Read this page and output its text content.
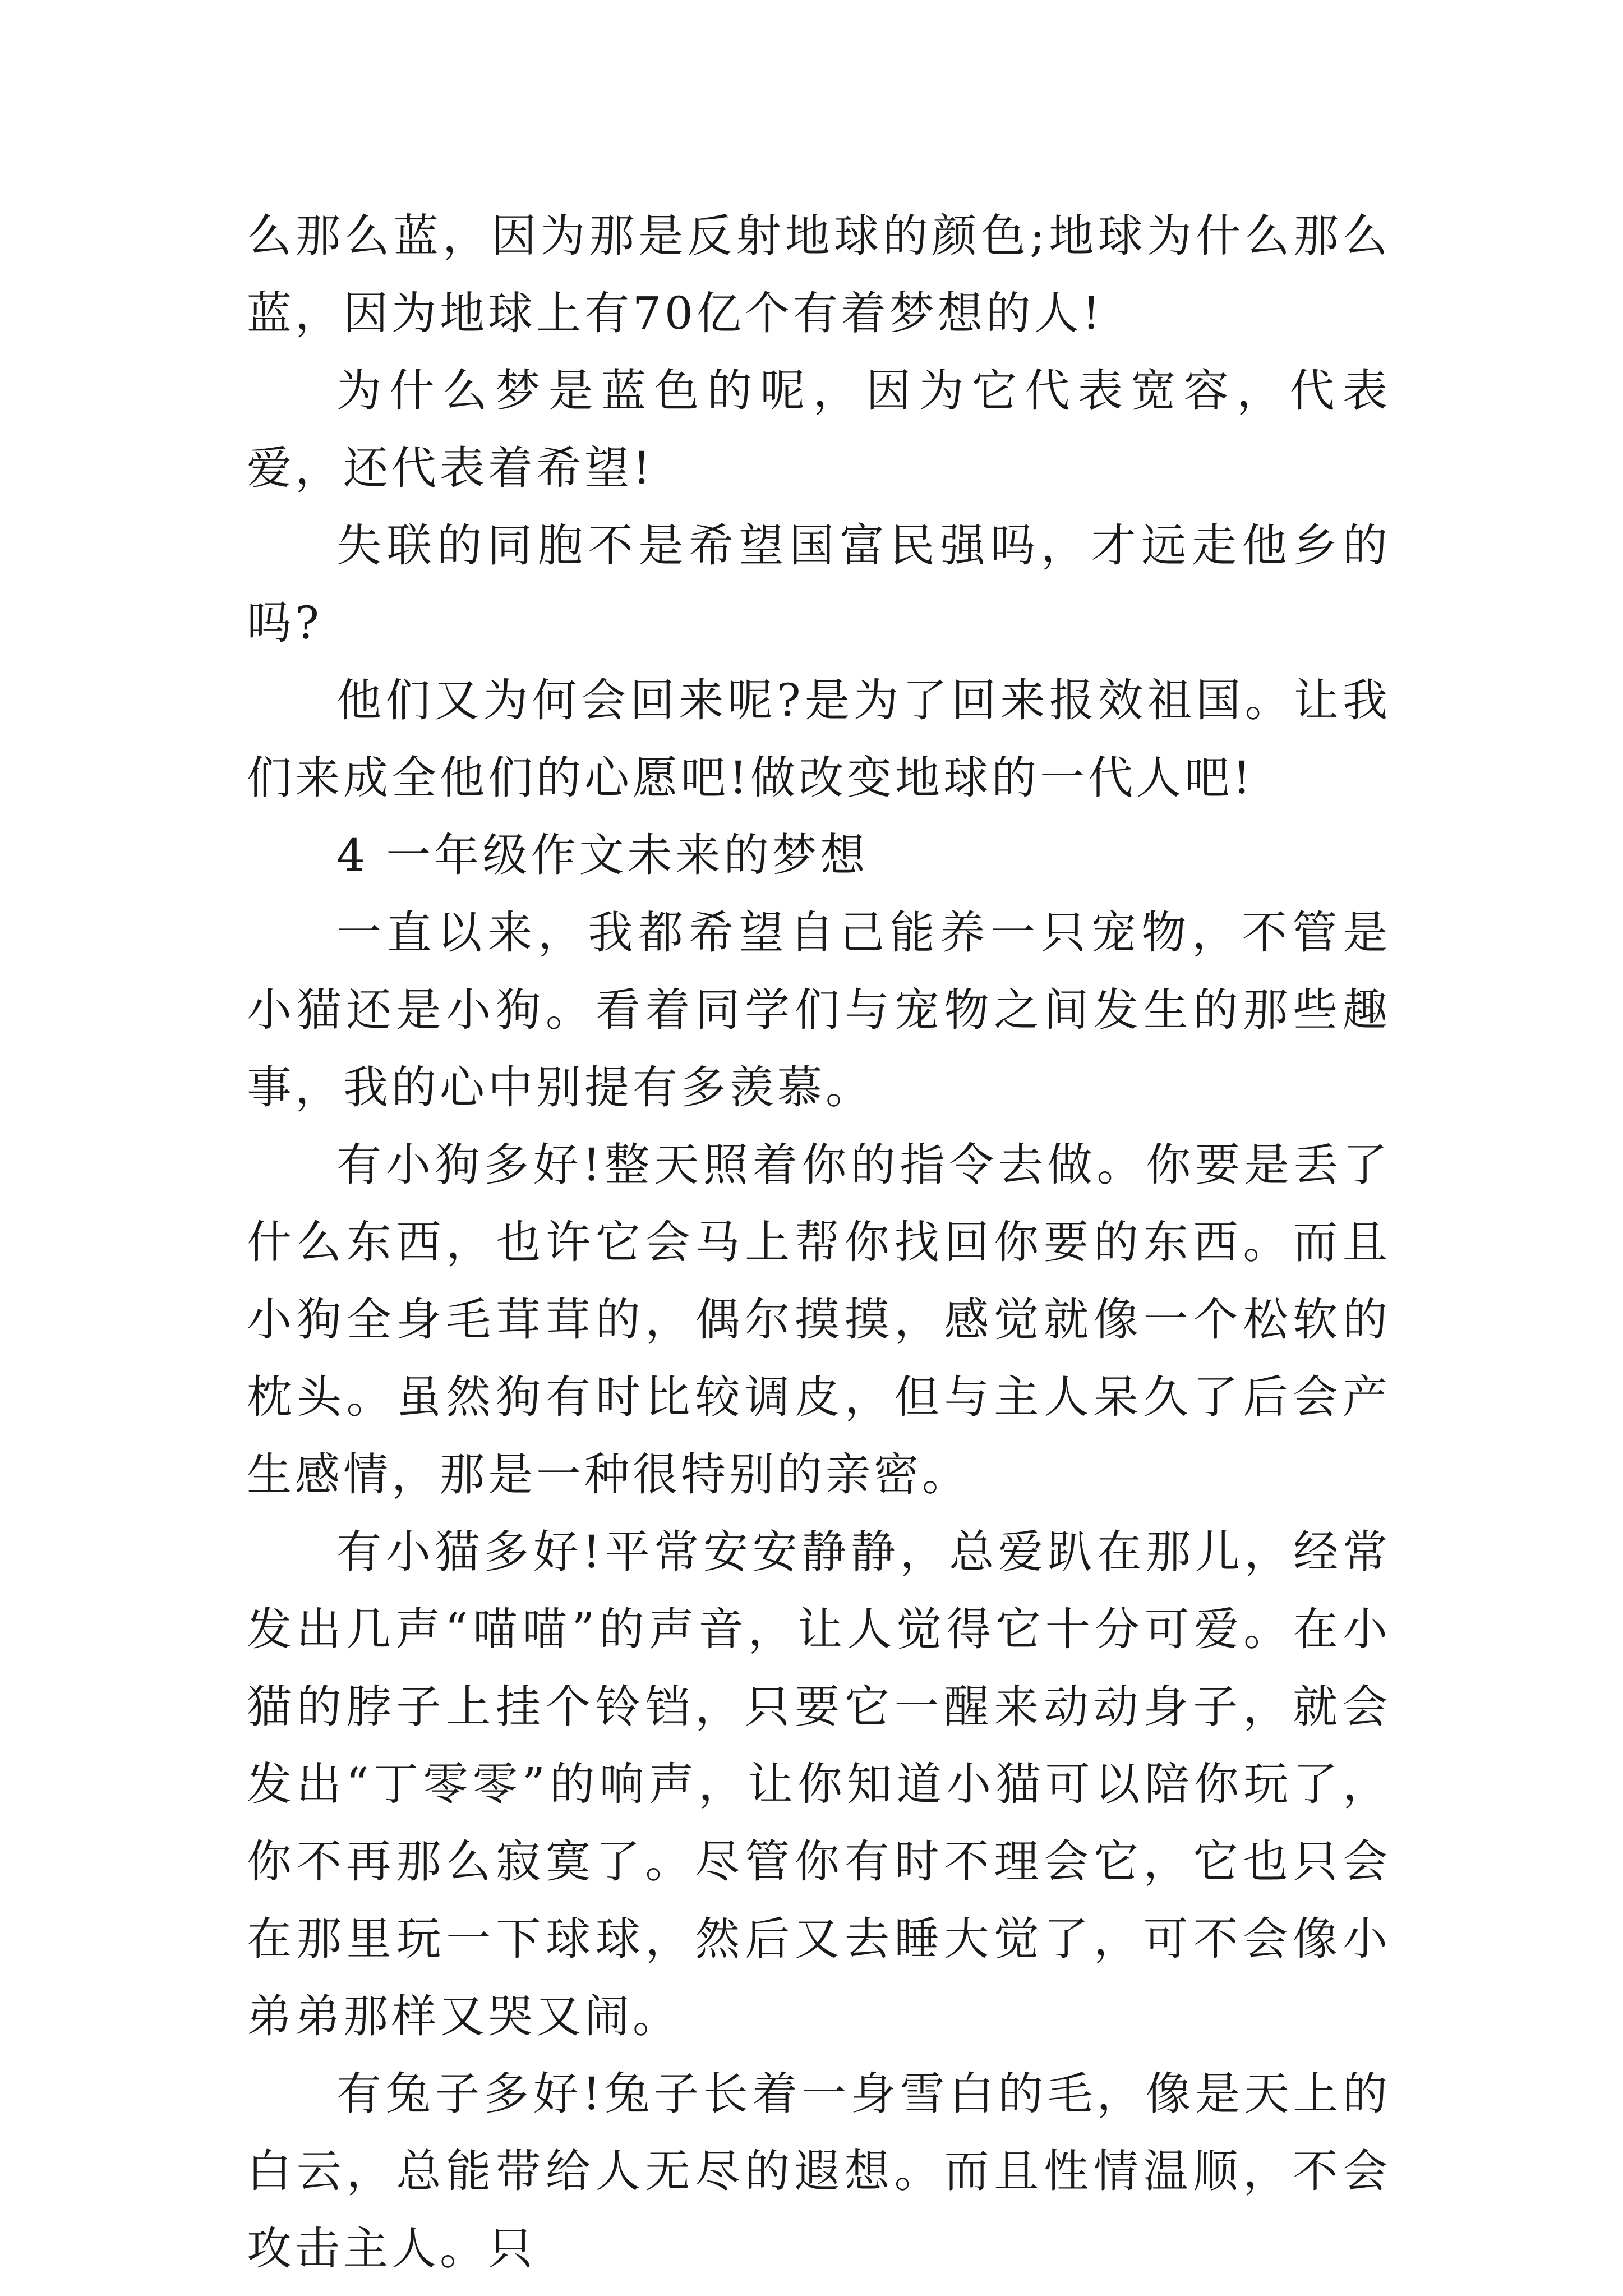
么那么蓝，因为那是反射地球的颜色;地球为什么那么蓝，因为地球上有70亿个有着梦想的人!

为什么梦是蓝色的呢，因为它代表宽容，代表爱，还代表着希望!

失联的同胞不是希望国富民强吗，才远走他乡的吗?

他们又为何会回来呢?是为了回来报效祖国。让我们来成全他们的心愿吧!做改变地球的一代人吧!

4 一年级作文未来的梦想

一直以来，我都希望自己能养一只宠物，不管是小猫还是小狗。看着同学们与宠物之间发生的那些趣事，我的心中别提有多羡慕。

有小狗多好!整天照着你的指令去做。你要是丢了什么东西，也许它会马上帮你找回你要的东西。而且小狗全身毛茸茸的，偶尔摸摸，感觉就像一个松软的枕头。虽然狗有时比较调皮，但与主人呆久了后会产生感情，那是一种很特别的亲密。

有小猫多好!平常安安静静，总爱趴在那儿，经常发出几声“喵喵”的声音，让人觉得它十分可爱。在小猫的脖子上挂个铃铛，只要它一醒来动动身子，就会发出“丁零零”的响声，让你知道小猫可以陪你玩了，你不再那么寂寞了。尽管你有时不理会它，它也只会在那里玩一下球球，然后又去睡大觉了，可不会像小弟弟那样又哭又闹。

有兔子多好!兔子长着一身雪白的毛，像是天上的白云，总能带给人无尽的遐想。而且性情温顺，不会攻击主人。只
